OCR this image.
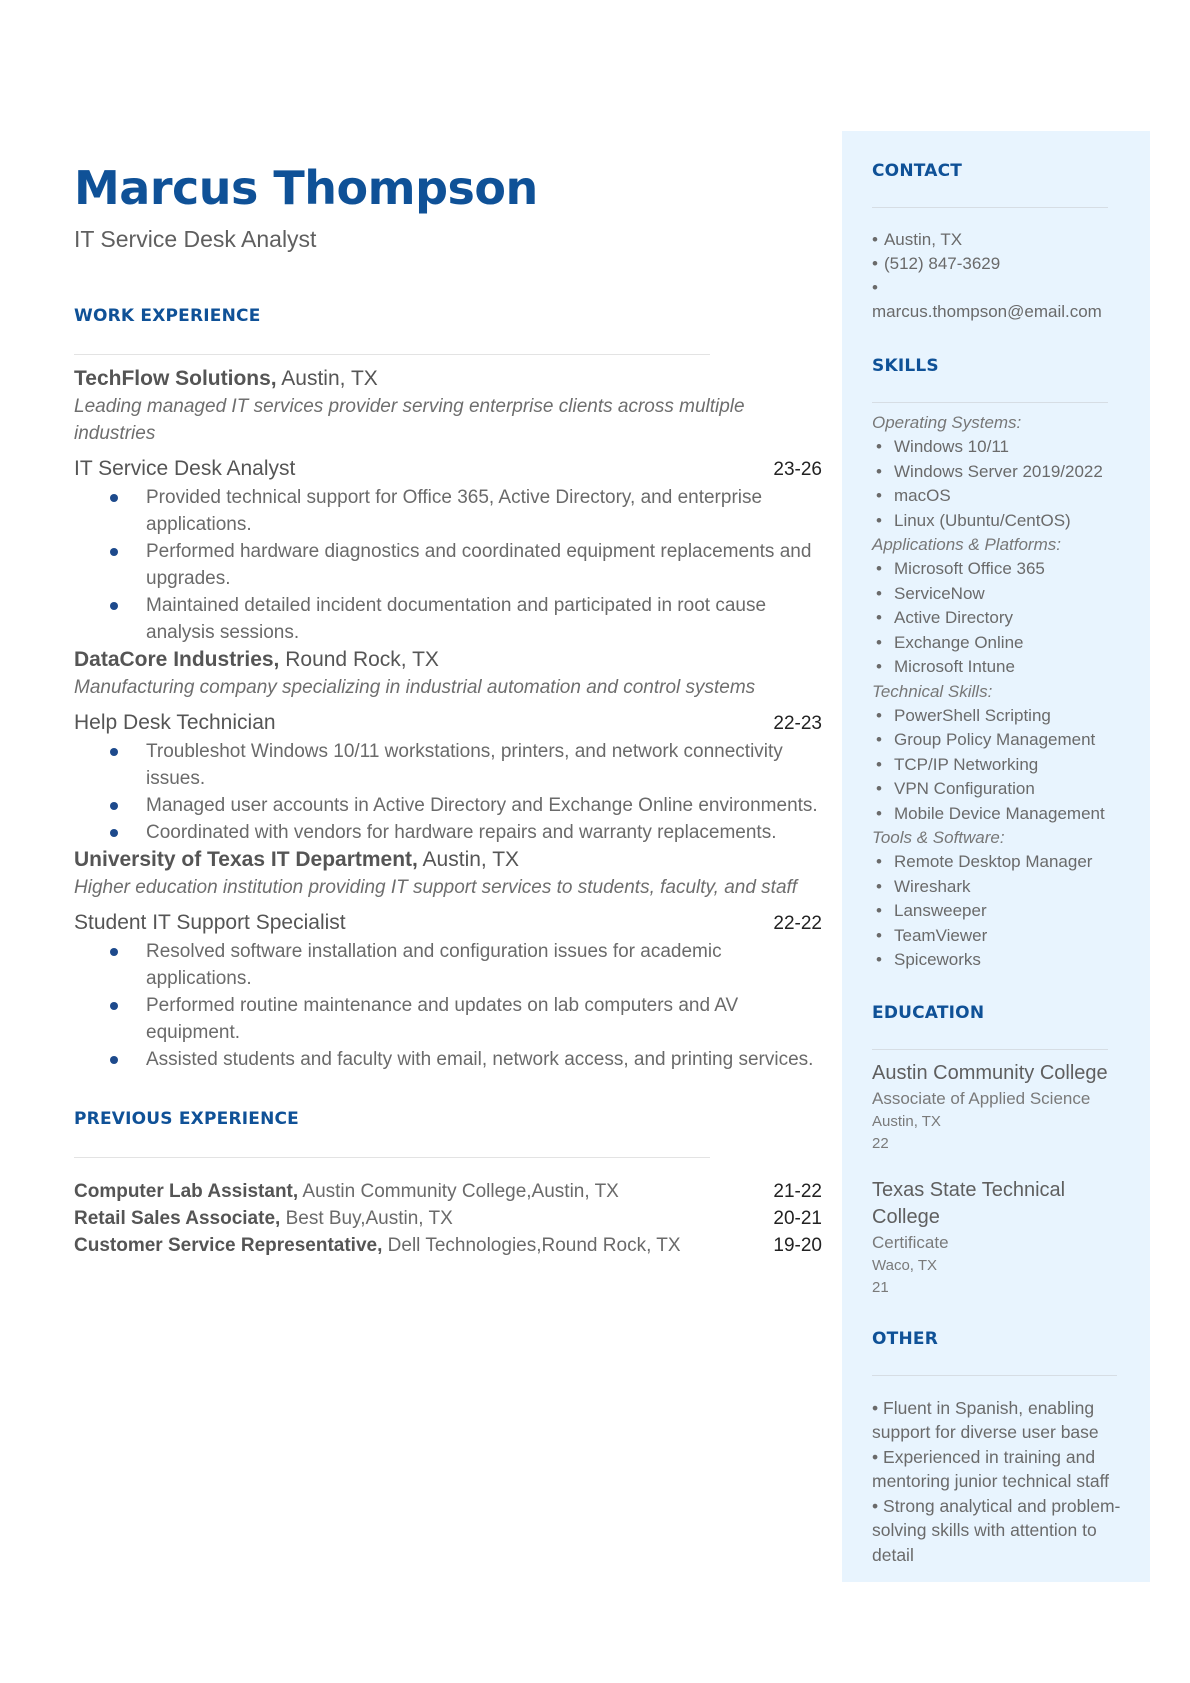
Marcus Thompson
IT Service Desk Analyst
WORK EXPERIENCE
TechFlow Solutions, Austin, TX
Leading managed IT services provider serving enterprise clients across multiple industries
IT Service Desk Analyst	23-26
Provided technical support for Office 365, Active Directory, and enterprise applications.
Performed hardware diagnostics and coordinated equipment replacements and upgrades.
Maintained detailed incident documentation and participated in root cause analysis sessions.
DataCore Industries, Round Rock, TX
Manufacturing company specializing in industrial automation and control systems
Help Desk Technician	22-23
Troubleshot Windows 10/11 workstations, printers, and network connectivity issues.
Managed user accounts in Active Directory and Exchange Online environments.
Coordinated with vendors for hardware repairs and warranty replacements.
University of Texas IT Department, Austin, TX
Higher education institution providing IT support services to students, faculty, and staff
Student IT Support Specialist	22-22
Resolved software installation and configuration issues for academic applications.
Performed routine maintenance and updates on lab computers and AV equipment.
Assisted students and faculty with email, network access, and printing services.
PREVIOUS EXPERIENCE
Computer Lab Assistant, Austin Community College,Austin, TX	21-22
Retail Sales Associate, Best Buy,Austin, TX	20-21
Customer Service Representative, Dell Technologies,Round Rock, TX	19-20
CONTACT
• Austin, TX
• (512) 847-3629
•
marcus.thompson@email.com
SKILLS
Operating Systems:
• Windows 10/11
• Windows Server 2019/2022
• macOS
• Linux (Ubuntu/CentOS)
Applications & Platforms:
• Microsoft Office 365
• ServiceNow
• Active Directory
• Exchange Online
• Microsoft Intune
Technical Skills:
• PowerShell Scripting
• Group Policy Management
• TCP/IP Networking
• VPN Configuration
• Mobile Device Management
Tools & Software:
• Remote Desktop Manager
• Wireshark
• Lansweeper
• TeamViewer
• Spiceworks
EDUCATION
Austin Community College
Associate of Applied Science
Austin, TX
22
Texas State Technical College
Certificate
Waco, TX
21
OTHER
• Fluent in Spanish, enabling support for diverse user base
• Experienced in training and mentoring junior technical staff
• Strong analytical and problem-solving skills with attention to detail
